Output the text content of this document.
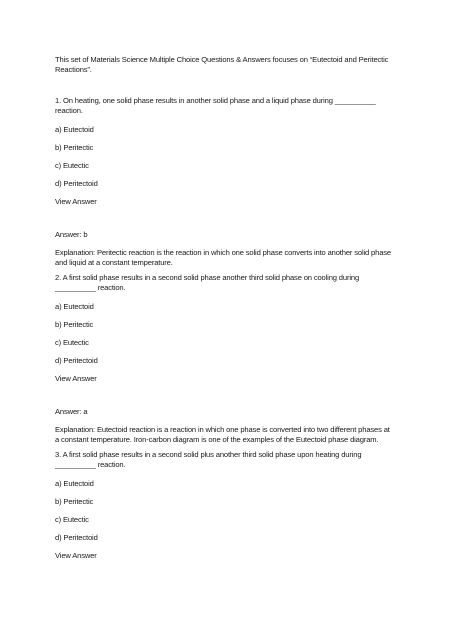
This set of Materials Science Multiple Choice Questions & Answers focuses on “Eutectoid and Peritectic Reactions”.

1. On heating, one solid phase results in another solid phase and a liquid phase during __________ reaction.

a) Eutectoid

b) Peritectic

c) Eutectic

d) Peritectoid

View Answer

Answer: b

Explanation: Peritectic reaction is the reaction in which one solid phase converts into another solid phase and liquid at a constant temperature.

2. A first solid phase results in a second solid phase another third solid phase on cooling during __________ reaction.

a) Eutectoid

b) Peritectic

c) Eutectic

d) Peritectoid

View Answer

Answer: a

Explanation: Eutectoid reaction is a reaction in which one phase is converted into two different phases at a constant temperature. Iron-carbon diagram is one of the examples of the Eutectoid phase diagram.

3. A first solid phase results in a second solid plus another third solid phase upon heating during __________ reaction.

a) Eutectoid

b) Peritectic

c) Eutectic

d) Peritectoid

View Answer
